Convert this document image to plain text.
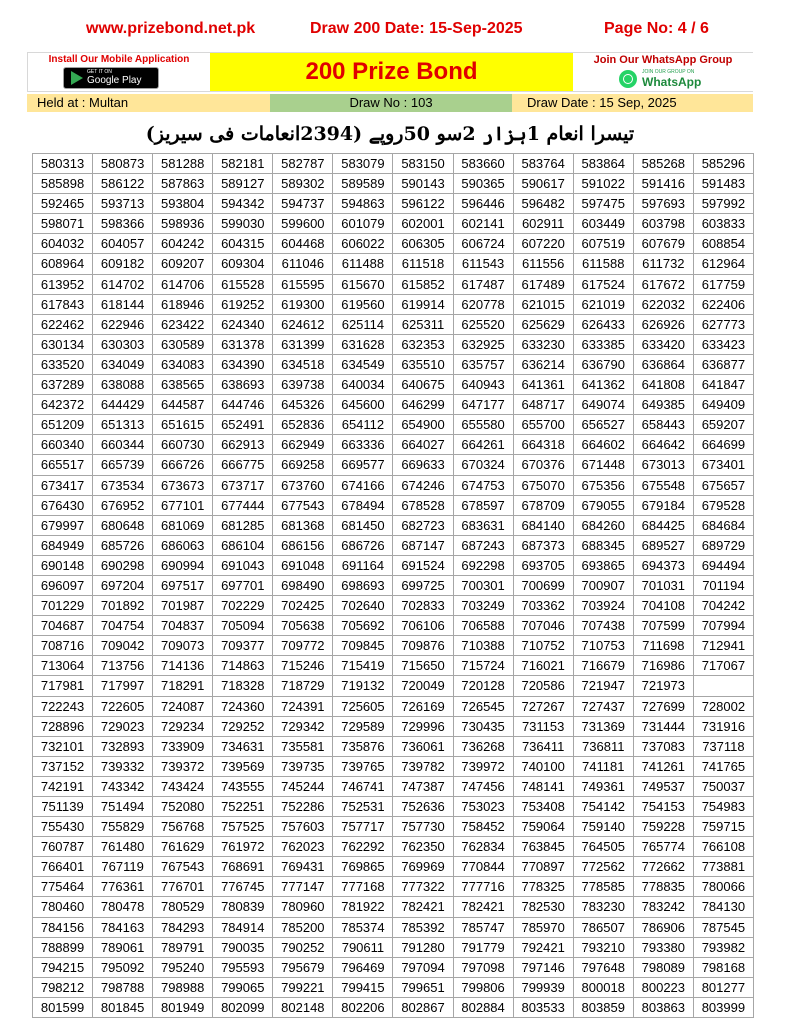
www.prizebond.net.pk	Draw 200 Date: 15-Sep-2025	Page No: 4 / 6
Install Our Mobile Application
GET IT ON
Google Play	200 Prize Bond	Join Our WhatsApp Group
JOIN OUR GROUP ON
WhatsApp
Held at : Multan	Draw No : 103	Draw Date : 15 Sep, 2025
تیسرا انعام 1ہزار 2سو 50روپے (2394انعامات فی سیریز)
580313	580873	581288	582181	582787	583079	583150	583660	583764	583864	585268	585296
585898	586122	587863	589127	589302	589589	590143	590365	590617	591022	591416	591483
592465	593713	593804	594342	594737	594863	596122	596446	596482	597475	597693	597992
598071	598366	598936	599030	599600	601079	602001	602141	602911	603449	603798	603833
604032	604057	604242	604315	604468	606022	606305	606724	607220	607519	607679	608854
608964	609182	609207	609304	611046	611488	611518	611543	611556	611588	611732	612964
613952	614702	614706	615528	615595	615670	615852	617487	617489	617524	617672	617759
617843	618144	618946	619252	619300	619560	619914	620778	621015	621019	622032	622406
622462	622946	623422	624340	624612	625114	625311	625520	625629	626433	626926	627773
630134	630303	630589	631378	631399	631628	632353	632925	633230	633385	633420	633423
633520	634049	634083	634390	634518	634549	635510	635757	636214	636790	636864	636877
637289	638088	638565	638693	639738	640034	640675	640943	641361	641362	641808	641847
642372	644429	644587	644746	645326	645600	646299	647177	648717	649074	649385	649409
651209	651313	651615	652491	652836	654112	654900	655580	655700	656527	658443	659207
660340	660344	660730	662913	662949	663336	664027	664261	664318	664602	664642	664699
665517	665739	666726	666775	669258	669577	669633	670324	670376	671448	673013	673401
673417	673534	673673	673717	673760	674166	674246	674753	675070	675356	675548	675657
676430	676952	677101	677444	677543	678494	678528	678597	678709	679055	679184	679528
679997	680648	681069	681285	681368	681450	682723	683631	684140	684260	684425	684684
684949	685726	686063	686104	686156	686726	687147	687243	687373	688345	689527	689729
690148	690298	690994	691043	691048	691164	691524	692298	693705	693865	694373	694494
696097	697204	697517	697701	698490	698693	699725	700301	700699	700907	701031	701194
701229	701892	701987	702229	702425	702640	702833	703249	703362	703924	704108	704242
704687	704754	704837	705094	705638	705692	706106	706588	707046	707438	707599	707994
708716	709042	709073	709377	709772	709845	709876	710388	710752	710753	711698	712941
713064	713756	714136	714863	715246	715419	715650	715724	716021	716679	716986	717067
717981	717997	718291	718328	718729	719132	720049	720128	720586	721947	721973
722243	722605	724087	724360	724391	725605	726169	726545	727267	727437	727699	728002
728896	729023	729234	729252	729342	729589	729996	730435	731153	731369	731444	731916
732101	732893	733909	734631	735581	735876	736061	736268	736411	736811	737083	737118
737152	739332	739372	739569	739735	739765	739782	739972	740100	741181	741261	741765
742191	743342	743424	743555	745244	746741	747387	747456	748141	749361	749537	750037
751139	751494	752080	752251	752286	752531	752636	753023	753408	754142	754153	754983
755430	755829	756768	757525	757603	757717	757730	758452	759064	759140	759228	759715
760787	761480	761629	761972	762023	762292	762350	762834	763845	764505	765774	766108
766401	767119	767543	768691	769431	769865	769969	770844	770897	772562	772662	773881
775464	776361	776701	776745	777147	777168	777322	777716	778325	778585	778835	780066
780460	780478	780529	780839	780960	781922	782421	782421	782530	783230	783242	784130
784156	784163	784293	784914	785200	785374	785392	785747	785970	786507	786906	787545
788899	789061	789791	790035	790252	790611	791280	791779	792421	793210	793380	793982
794215	795092	795240	795593	795679	796469	797094	797098	797146	797648	798089	798168
798212	798788	798988	799065	799221	799415	799651	799806	799939	800018	800223	801277
801599	801845	801949	802099	802148	802206	802867	802884	803533	803859	803863	803999
